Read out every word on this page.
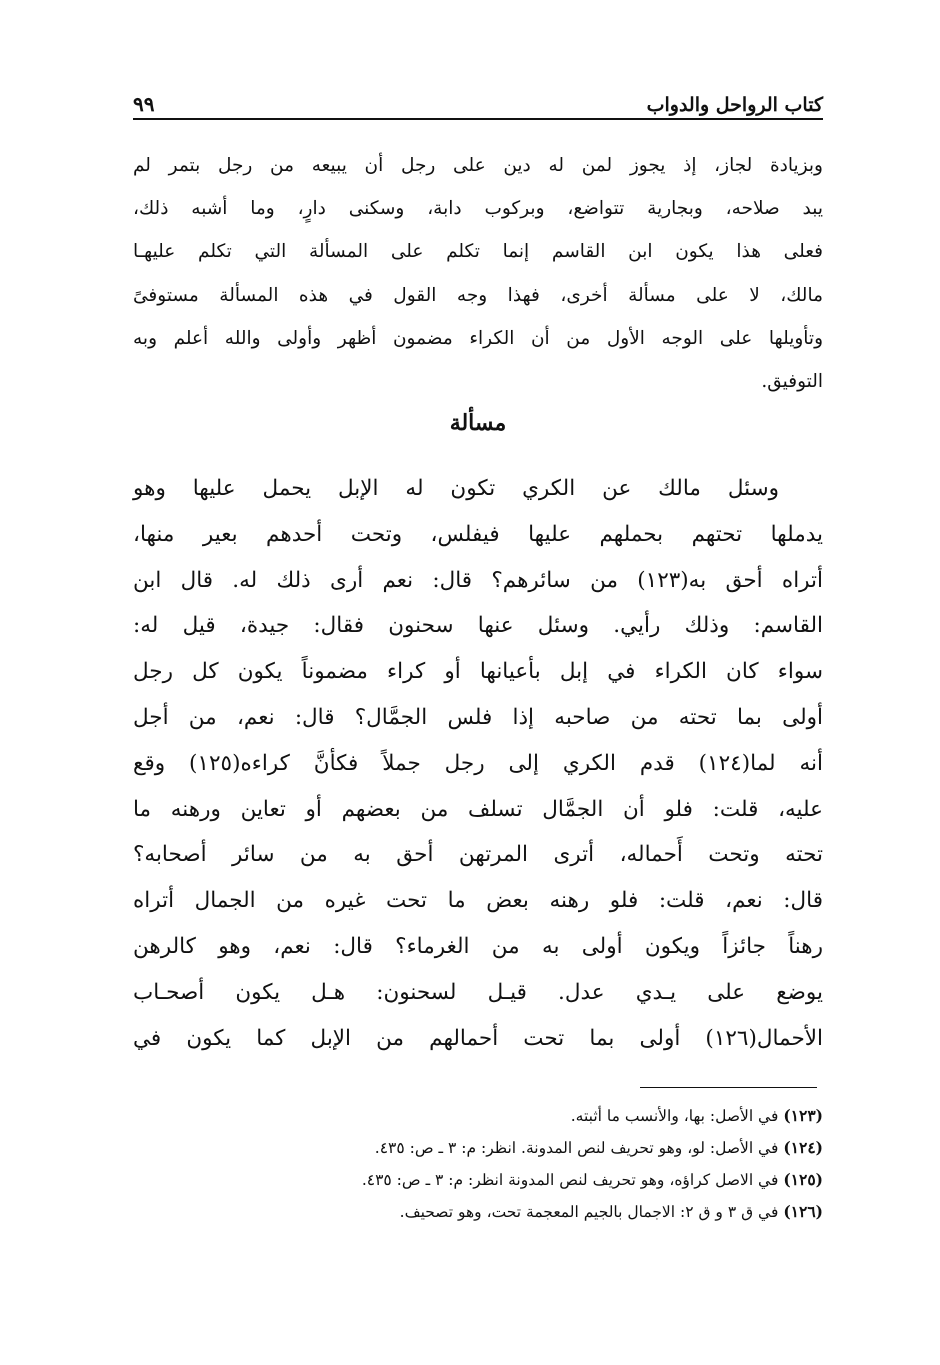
كتاب الرواحل والدواب
٩٩
وبزيادة لجاز، إذ يجوز لمن له دين على رجل أن يبيعه من رجل بتمر لم
يبد صلاحه، وبجارية تتواضع، وبركوب دابة، وسكنى دارٍ، وما أشبه ذلك،
فعلى هذا يكون ابن القاسم إنما تكلم على المسألة التي تكلم عليهـا
مالك، لا على مسألة أخرى، فهذا وجه القول في هذه المسألة مستوفىً
وتأويلها على الوجه الأول من أن الكراء مضمون أظهر وأولى والله أعلم وبه
التوفيق.
مسألة
وسئل مالك عن الكري تكون له الإبل يحمل عليها وهو
يدملها تحتهم بحملهم عليها فيفلس، وتحت أحدهم بعير منها،
أتراه أحق به(١٢٣) من سائرهم؟ قال: نعم أرى ذلك له. قال ابن
القاسم: وذلك رأيي. وسئل عنها سحنون فقال: جيدة، قيل له:
سواء كان الكراء في إبل بأعيانها أو كراء مضموناً يكون كل رجل
أولى بما تحته من صاحبه إذا فلس الجمَّال؟ قال: نعم، من أجل
أنه لما(١٢٤) قدم الكري إلى رجل جملاً فكأنَّ كراءه(١٢٥) وقع
عليه، قلت: فلو أن الجمَّال تسلف من بعضهم أو تعاين ورهنه ما
تحته وتحت أَحماله، أترى المرتهن أحق به من سائر أصحابه؟
قال: نعم، قلت: فلو رهنه بعض ما تحت غيره من الجمال أتراه
رهناً جائزاً ويكون أولى به من الغرماء؟ قال: نعم، وهو كالرهن
يوضع على يـدي عدل. قيـل لسحنون: هـل يكون أصحـاب
الأحمال(١٢٦) أولى بما تحت أحمالهم من الإبل كما يكون في
(١٢٣) في الأصل: بها، والأنسب ما أثبته.
(١٢٤) في الأصل: لو، وهو تحريف لنص المدونة. انظر: م: ٣ ـ ص: ٤٣٥.
(١٢٥) في الاصل كراؤه، وهو تحريف لنص المدونة انظر: م: ٣ ـ ص: ٤٣٥.
(١٢٦) في ق ٣ و ق ٢: الاجمال بالجيم المعجمة تحت، وهو تصحيف.
